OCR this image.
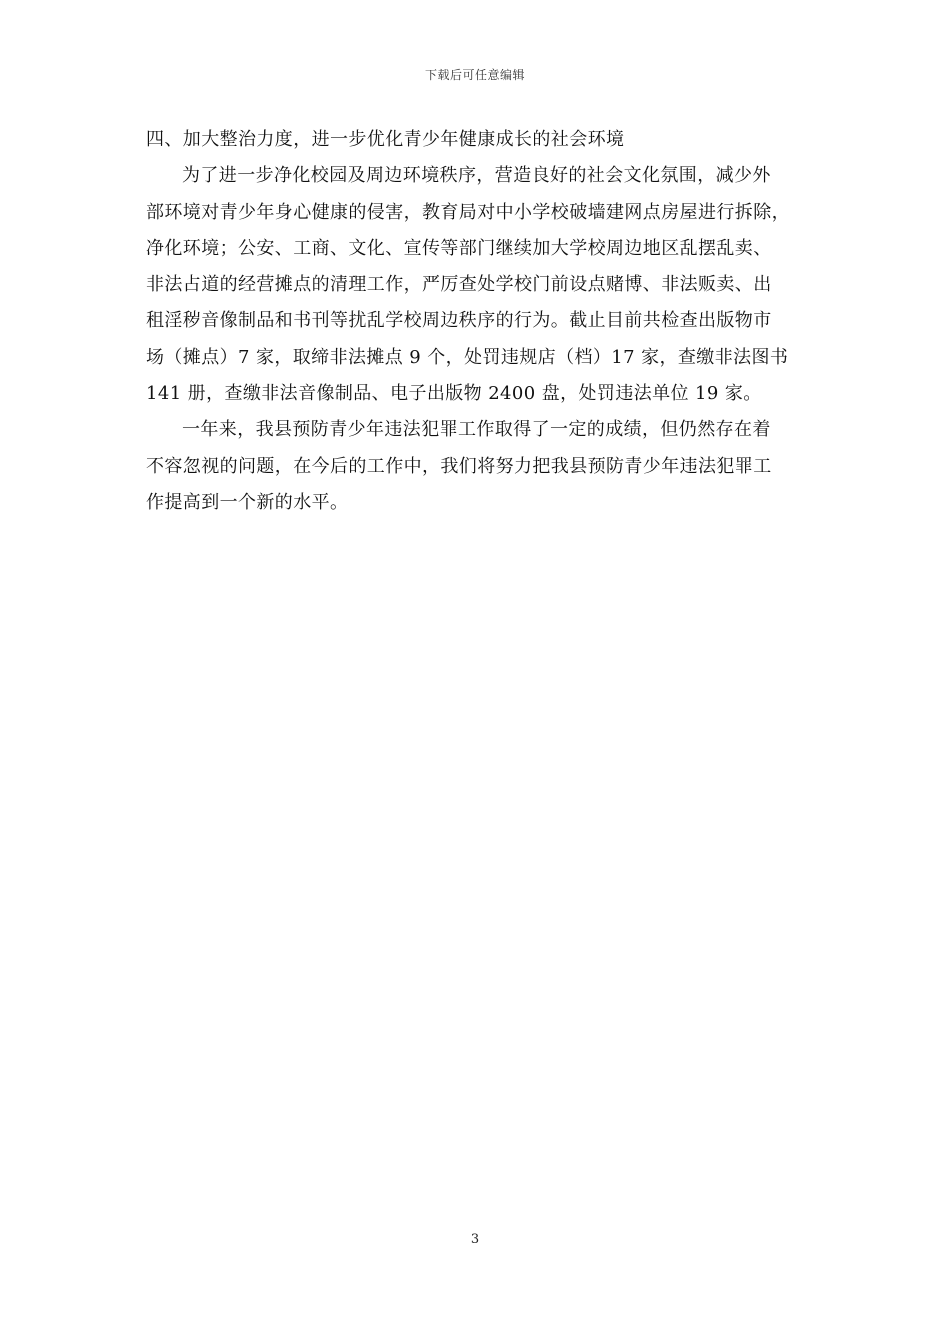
下载后可任意编辑
四、加大整治力度，进一步优化青少年健康成长的社会环境
为了进一步净化校园及周边环境秩序，营造良好的社会文化氛围，减少外
部环境对青少年身心健康的侵害，教育局对中小学校破墙建网点房屋进行拆除，
净化环境；公安、工商、文化、宣传等部门继续加大学校周边地区乱摆乱卖、
非法占道的经营摊点的清理工作，严厉查处学校门前设点赌博、非法贩卖、出
租淫秽音像制品和书刊等扰乱学校周边秩序的行为。截止目前共检查出版物市
场（摊点）7 家，取缔非法摊点 9 个，处罚违规店（档）17 家，查缴非法图书
141 册，查缴非法音像制品、电子出版物 2400 盘，处罚违法单位 19 家。
一年来，我县预防青少年违法犯罪工作取得了一定的成绩，但仍然存在着
不容忽视的问题，在今后的工作中，我们将努力把我县预防青少年违法犯罪工
作提高到一个新的水平。
3
